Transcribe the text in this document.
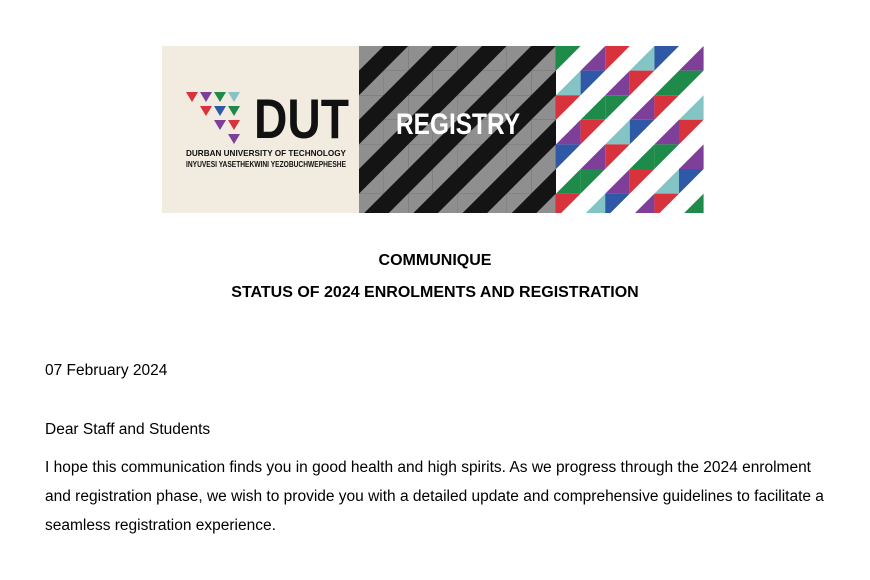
DUT
DURBAN UNIVERSITY OF TECHNOLOGY
INYUVESI YASETHEKWINI YEZOBUCHWEPHESHE
REGISTRY
COMMUNIQUE
STATUS OF 2024 ENROLMENTS AND REGISTRATION
07 February 2024
Dear Staff and Students
I hope this communication finds you in good health and high spirits. As we progress through the 2024 enrolment and registration phase, we wish to provide you with a detailed update and comprehensive guidelines to facilitate a seamless registration experience.
